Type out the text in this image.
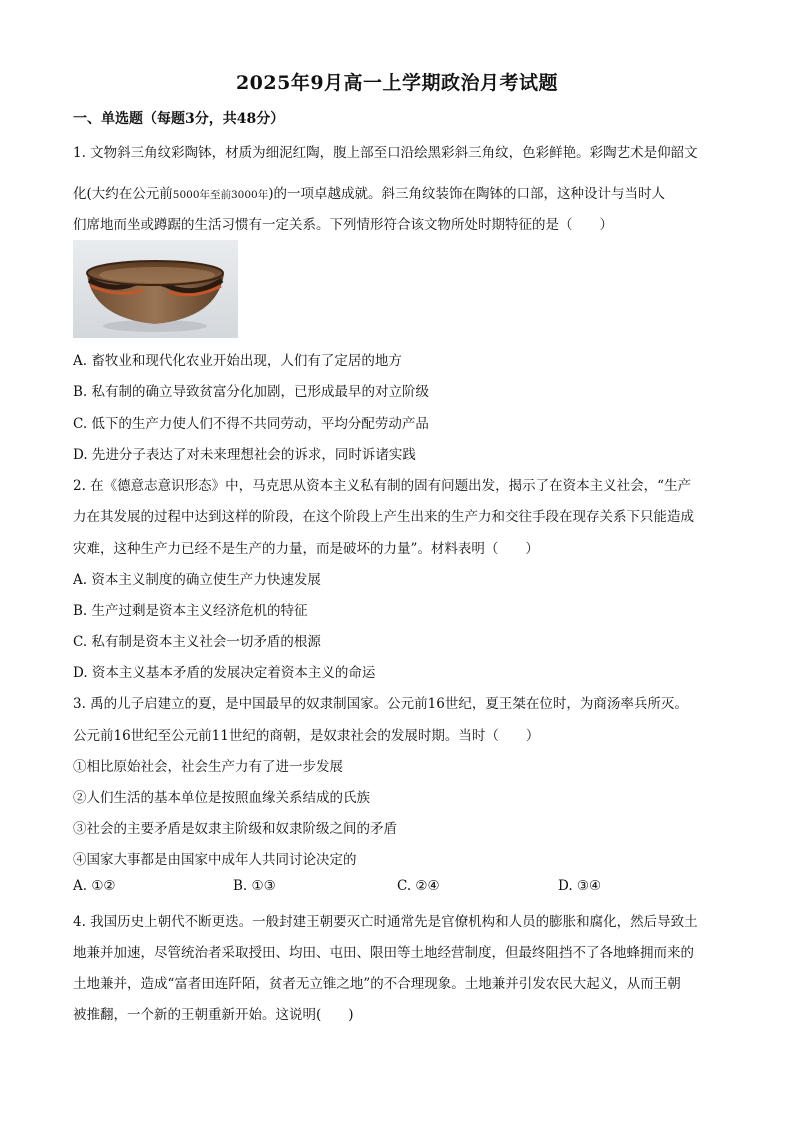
2025年9月高一上学期政治月考试题
一、单选题（每题3分，共48分）
1. 文物斜三角纹彩陶钵，材质为细泥红陶，腹上部至口沿绘黑彩斜三角纹，色彩鲜艳。彩陶艺术是仰韶文
化(大约在公元前5000年至前3000年)的一项卓越成就。斜三角纹装饰在陶钵的口部，这种设计与当时人
们席地而坐或蹲踞的生活习惯有一定关系。下列情形符合该文物所处时期特征的是（　　）
A. 畜牧业和现代化农业开始出现，人们有了定居的地方
B. 私有制的确立导致贫富分化加剧，已形成最早的对立阶级
C. 低下的生产力使人们不得不共同劳动，平均分配劳动产品
D. 先进分子表达了对未来理想社会的诉求，同时诉诸实践
2. 在《德意志意识形态》中，马克思从资本主义私有制的固有问题出发，揭示了在资本主义社会，“生产
力在其发展的过程中达到这样的阶段，在这个阶段上产生出来的生产力和交往手段在现存关系下只能造成
灾难，这种生产力已经不是生产的力量，而是破坏的力量”。材料表明（　　）
A. 资本主义制度的确立使生产力快速发展
B. 生产过剩是资本主义经济危机的特征
C. 私有制是资本主义社会一切矛盾的根源
D. 资本主义基本矛盾的发展决定着资本主义的命运
3. 禹的儿子启建立的夏，是中国最早的奴隶制国家。公元前16世纪，夏王桀在位时，为商汤率兵所灭。
公元前16世纪至公元前11世纪的商朝，是奴隶社会的发展时期。当时（　　）
①相比原始社会，社会生产力有了进一步发展
②人们生活的基本单位是按照血缘关系结成的氏族
③社会的主要矛盾是奴隶主阶级和奴隶阶级之间的矛盾
④国家大事都是由国家中成年人共同讨论决定的
A. ①②	B. ①③	C. ②④	D. ③④
4. 我国历史上朝代不断更迭。一般封建王朝要灭亡时通常先是官僚机构和人员的膨胀和腐化，然后导致土
地兼并加速，尽管统治者采取授田、均田、屯田、限田等土地经营制度，但最终阻挡不了各地蜂拥而来的
土地兼并，造成“富者田连阡陌，贫者无立锥之地”的不合理现象。土地兼并引发农民大起义，从而王朝
被推翻，一个新的王朝重新开始。这说明(　　)
